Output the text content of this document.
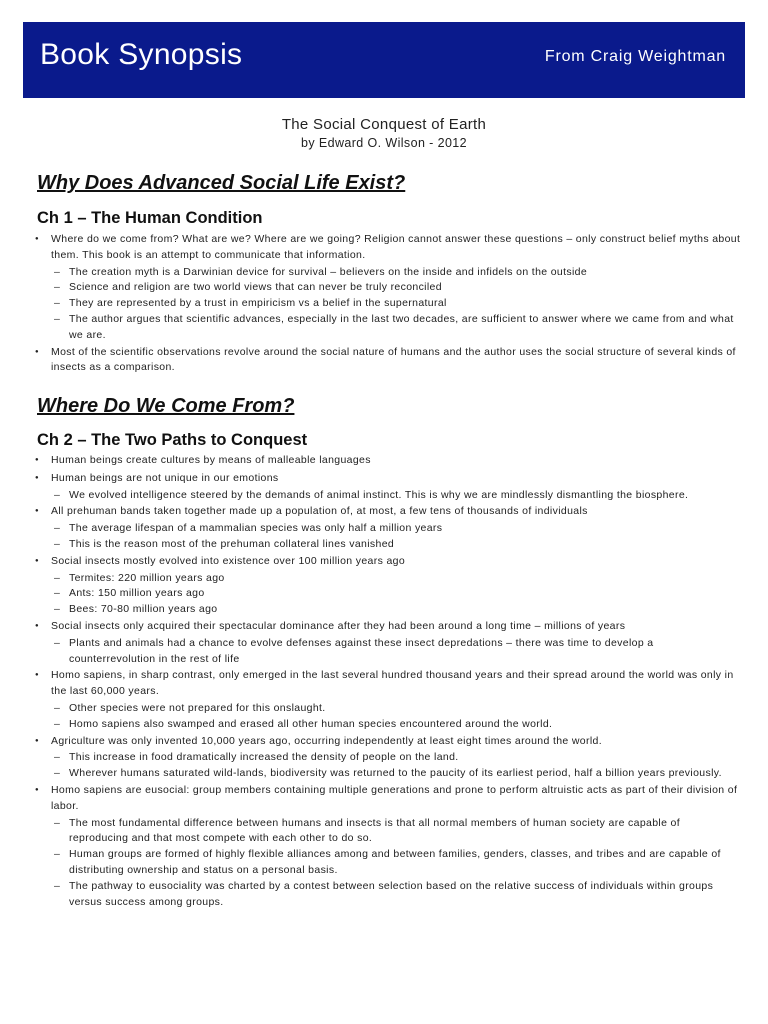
Book Synopsis	From Craig Weightman
The Social Conquest of Earth
by Edward O. Wilson - 2012
Why Does Advanced Social Life Exist?
Ch 1 – The Human Condition
● Where do we come from? What are we? Where are we going? Religion cannot answer these questions – only construct belief myths about them. This book is an attempt to communicate that information.
– The creation myth is a Darwinian device for survival – believers on the inside and infidels on the outside
– Science and religion are two world views that can never be truly reconciled
– They are represented by a trust in empiricism vs a belief in the supernatural
– The author argues that scientific advances, especially in the last two decades, are sufficient to answer where we came from and what we are.
● Most of the scientific observations revolve around the social nature of humans and the author uses the social structure of several kinds of insects as a comparison.
Where Do We Come From?
Ch 2 – The Two Paths to Conquest
● Human beings create cultures by means of malleable languages
● Human beings are not unique in our emotions
– We evolved intelligence steered by the demands of animal instinct. This is why we are mindlessly dismantling the biosphere.
● All prehuman bands taken together made up a population of, at most, a few tens of thousands of individuals
– The average lifespan of a mammalian species was only half a million years
– This is the reason most of the prehuman collateral lines vanished
● Social insects mostly evolved into existence over 100 million years ago
– Termites: 220 million years ago
– Ants: 150 million years ago
– Bees: 70-80 million years ago
● Social insects only acquired their spectacular dominance after they had been around a long time – millions of years
– Plants and animals had a chance to evolve defenses against these insect depredations – there was time to develop a counterrevolution in the rest of life
● Homo sapiens, in sharp contrast, only emerged in the last several hundred thousand years and their spread around the world was only in the last 60,000 years.
– Other species were not prepared for this onslaught.
– Homo sapiens also swamped and erased all other human species encountered around the world.
● Agriculture was only invented 10,000 years ago, occurring independently at least eight times around the world.
– This increase in food dramatically increased the density of people on the land.
– Wherever humans saturated wild-lands, biodiversity was returned to the paucity of its earliest period, half a billion years previously.
● Homo sapiens are eusocial: group members containing multiple generations and prone to perform altruistic acts as part of their division of labor.
– The most fundamental difference between humans and insects is that all normal members of human society are capable of reproducing and that most compete with each other to do so.
– Human groups are formed of highly flexible alliances among and between families, genders, classes, and tribes and are capable of distributing ownership and status on a personal basis.
– The pathway to eusociality was charted by a contest between selection based on the relative success of individuals within groups versus success among groups.
